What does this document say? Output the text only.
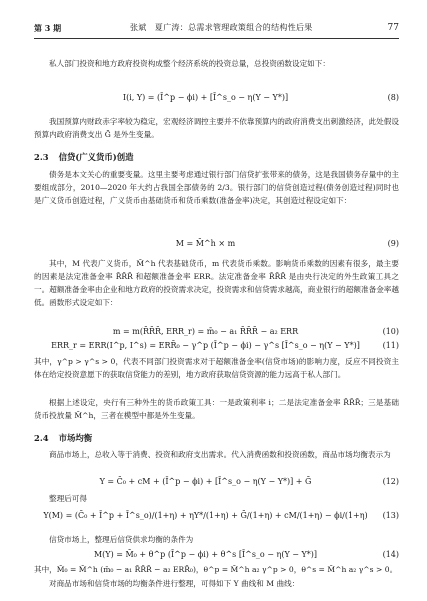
第 3 期	张斌　夏广涛：总需求管理政策组合的结构性后果	77

私人部门投资和地方政府投资构成整个经济系统的投资总量，总投资函数设定如下：

I(i, Y) = (Ī^p − ϕi) + [Ī^s_o − η(Y − Y*)]	(8)

我国预算内财政赤字率较为稳定，宏观经济调控主要并不依靠预算内的政府消费支出刺激经济，此处假设预算内政府消费支出 Ḡ 是外生变量。

2.3 信贷(广义货币)创造

债务是本文关心的重要变量。这里主要考虑通过银行部门信贷扩张带来的债务，这是我国债务存量中的主要组成部分，2010—2020 年大约占我国全部债务的 2/3。银行部门的信贷创造过程(债务创造过程)同时也是广义货币创造过程，广义货币由基础货币和货币乘数(准备金率)决定，其创造过程设定如下：

M = M̄^h × m	(9)

其中，M 代表广义货币，M̄^h 代表基础货币，m 代表货币乘数。影响货币乘数的因素有很多，最主要的因素是法定准备金率 R̄R̄R̄ 和超额准备金率 ERR。法定准备金率 R̄R̄R̄ 是由央行决定的外生政策工具之一。超额准备金率由企业和地方政府的投资需求决定，投资需求和信贷需求越高，商业银行的超额准备金率越低。函数形式设定如下：

m = m(R̄R̄R̄, ERR_r) = m̄₀ − a₁ R̄R̄R̄ − a₂ ERR	(10)
ERR_r = ERR(I^p, I^s) = ERR̄₀ − γ^p (Ī^p − ϕi) − γ^s [Ī^s_o − η(Y − Y*)]	(11)

其中，γ^p > γ^s > 0，代表不同部门投资需求对于超额准备金率(信贷市场)的影响力度，反应不同投资主体在给定投资意愿下的获取信贷能力的差别，地方政府获取信贷资源的能力远高于私人部门。

根据上述设定，央行有三种外生的货币政策工具：一是政策利率 i；二是法定准备金率 R̄R̄R̄；三是基础货币投放量 M̄^h，三者在模型中都是外生变量。

2.4 市场均衡

商品市场上，总收入等于消费、投资和政府支出需求。代入消费函数和投资函数，商品市场均衡表示为

Y = C̄₀ + cM + (Ī^p − ϕi) + [Ī^s_o − η(Y − Y*)] + Ḡ	(12)

整理后可得

Y(M) = (C̄₀ + Ī^p + Ī^s_o)/(1+η) + ηY*/(1+η) + Ḡ/(1+η) + cM/(1+η) − ϕi/(1+η)	(13)

信贷市场上，整理后信贷供求均衡的条件为

M(Y) = M̄₀ + θ^p (Ī^p − ϕi) + θ^s [Ī^s_o − η(Y − Y*)]	(14)

其中，M̄₀ = M̄^h (m̄₀ − a₁ R̄R̄R̄ − a₂ ERR̄₀)，θ^p = M̄^h a₂ γ^p > 0，θ^s = M̄^h a₂ γ^s > 0。

对商品市场和信贷市场的均衡条件进行整理，可得如下 Y 曲线和 M 曲线：
